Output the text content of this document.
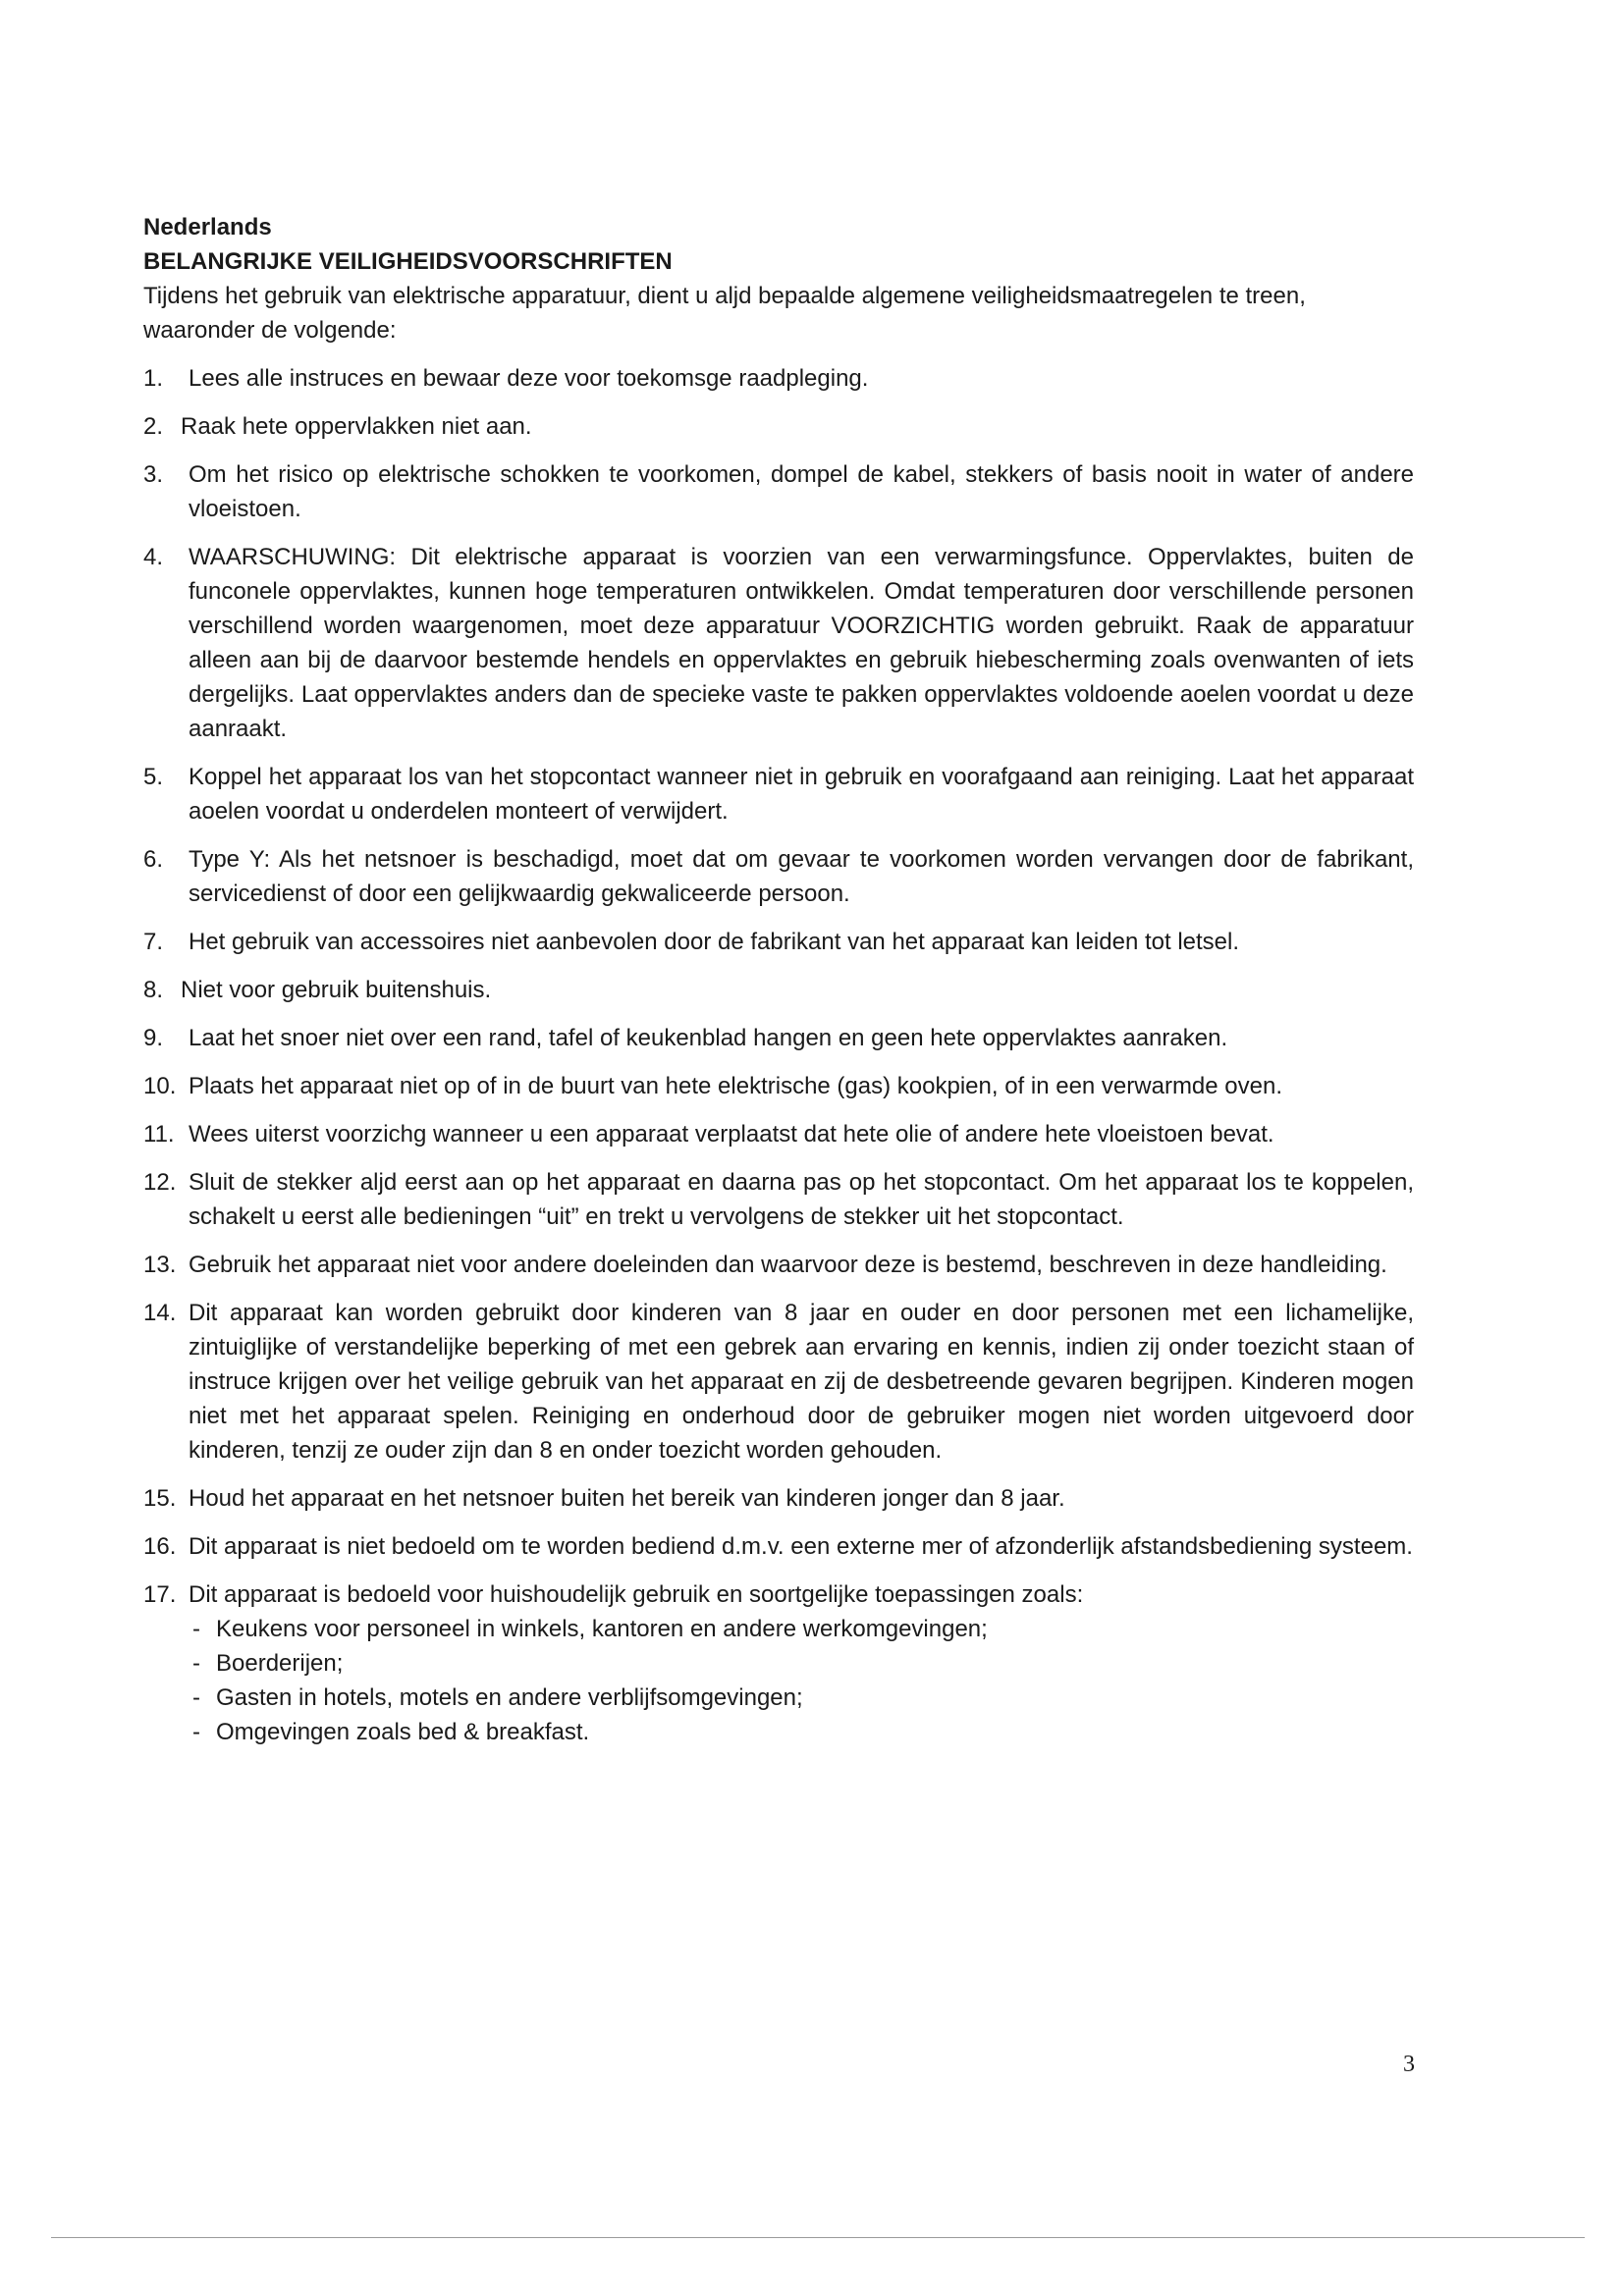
Nederlands

BELANGRIJKE VEILIGHEIDSVOORSCHRIFTEN

Tijdens het gebruik van elektrische apparatuur, dient u aljd bepaalde algemene veiligheidsmaatregelen te treen, waaronder de volgende:

1. Lees alle instruces en bewaar deze voor toekomsge raadpleging.
2. Raak hete oppervlakken niet aan.
3. Om het risico op elektrische schokken te voorkomen, dompel de kabel, stekkers of basis nooit in water of andere vloeistoen.
4. WAARSCHUWING: Dit elektrische apparaat is voorzien van een verwarmingsfunce. Oppervlaktes, buiten de funconele oppervlaktes, kunnen hoge temperaturen ontwikkelen. Omdat temperaturen door verschillende personen verschillend worden waargenomen, moet deze apparatuur VOORZICHTIG worden gebruikt. Raak de apparatuur alleen aan bij de daarvoor bestemde hendels en oppervlaktes en gebruik hiebescherming zoals ovenwanten of iets dergelijks. Laat oppervlaktes anders dan de specieke vaste te pakken oppervlaktes voldoende aoelen voordat u deze aanraakt.
5. Koppel het apparaat los van het stopcontact wanneer niet in gebruik en voorafgaand aan reiniging. Laat het apparaat aoelen voordat u onderdelen monteert of verwijdert.
6. Type Y: Als het netsnoer is beschadigd, moet dat om gevaar te voorkomen worden vervangen door de fabrikant, servicedienst of door een gelijkwaardig gekwaliceerde persoon.
7. Het gebruik van accessoires niet aanbevolen door de fabrikant van het apparaat kan leiden tot letsel.
8. Niet voor gebruik buitenshuis.
9. Laat het snoer niet over een rand, tafel of keukenblad hangen en geen hete oppervlaktes aanraken.
10. Plaats het apparaat niet op of in de buurt van hete elektrische (gas) kookpien, of in een verwarmde oven.
11. Wees uiterst voorzichg wanneer u een apparaat verplaatst dat hete olie of andere hete vloeistoen bevat.
12. Sluit de stekker aljd eerst aan op het apparaat en daarna pas op het stopcontact. Om het apparaat los te koppelen, schakelt u eerst alle bedieningen “uit” en trekt u vervolgens de stekker uit het stopcontact.
13. Gebruik het apparaat niet voor andere doeleinden dan waarvoor deze is bestemd, beschreven in deze handleiding.
14. Dit apparaat kan worden gebruikt door kinderen van 8 jaar en ouder en door personen met een lichamelijke, zintuiglijke of verstandelijke beperking of met een gebrek aan ervaring en kennis, indien zij onder toezicht staan of instruce krijgen over het veilige gebruik van het apparaat en zij de desbetreende gevaren begrijpen. Kinderen mogen niet met het apparaat spelen. Reiniging en onderhoud door de gebruiker mogen niet worden uitgevoerd door kinderen, tenzij ze ouder zijn dan 8 en onder toezicht worden gehouden.
15. Houd het apparaat en het netsnoer buiten het bereik van kinderen jonger dan 8 jaar.
16. Dit apparaat is niet bedoeld om te worden bediend d.m.v. een externe mer of afzonderlijk afstandsbediening systeem.
17. Dit apparaat is bedoeld voor huishoudelijk gebruik en soortgelijke toepassingen zoals:
- Keukens voor personeel in winkels, kantoren en andere werkomgevingen;
- Boerderijen;
- Gasten in hotels, motels en andere verblijfsomgevingen;
- Omgevingen zoals bed & breakfast.
3
